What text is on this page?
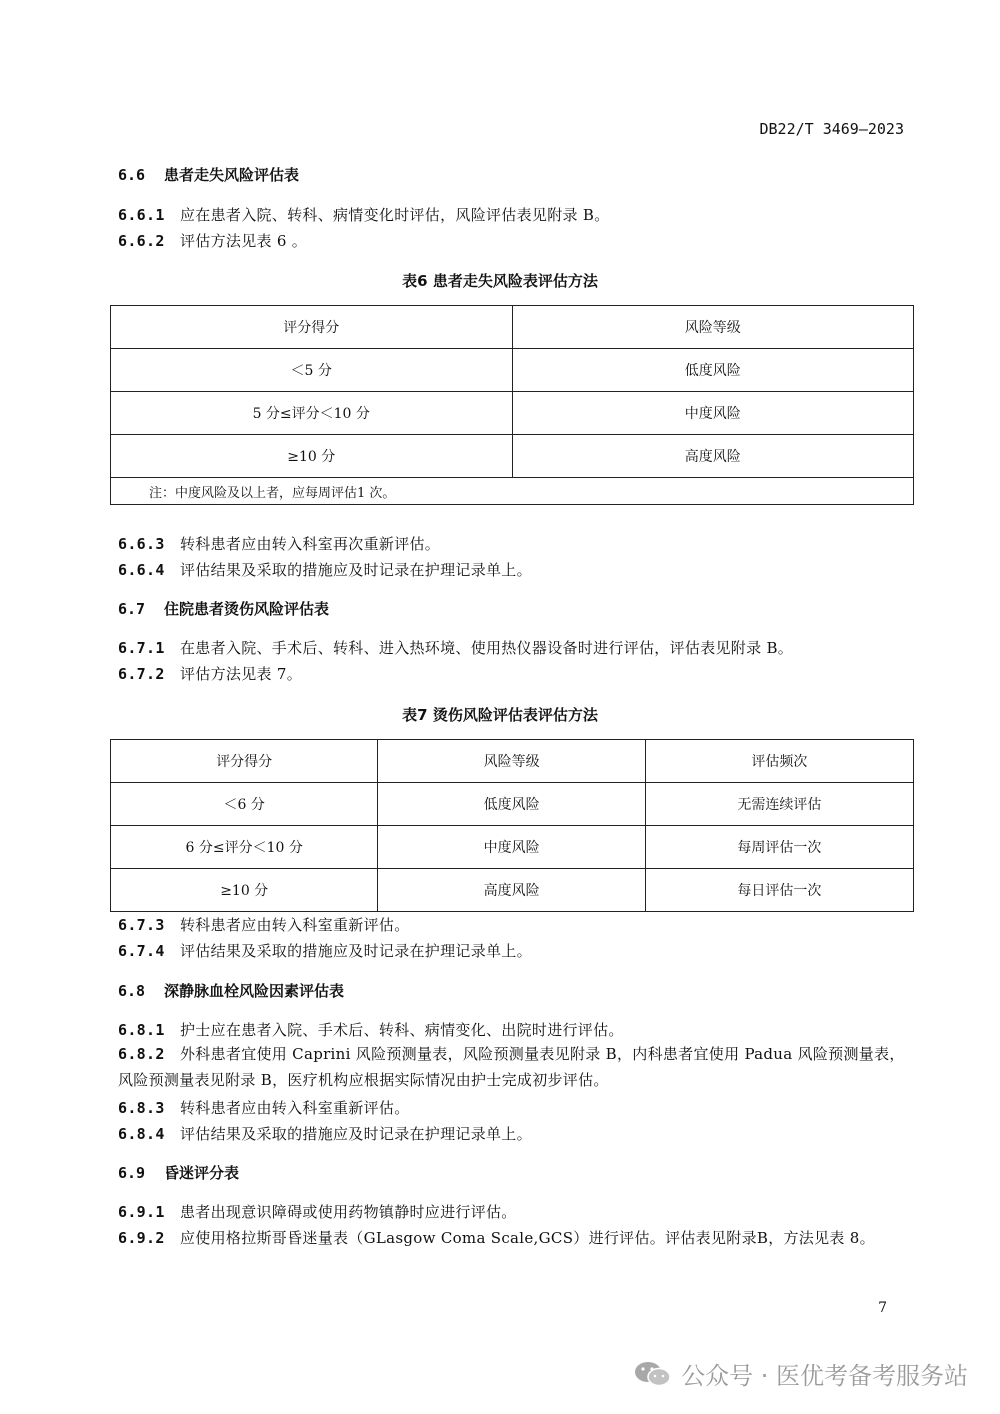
DB22/T 3469—2023
6.6 患者走失风险评估表
6.6.1 应在患者入院、转科、病情变化时评估，风险评估表见附录 B。
6.6.2 评估方法见表 6 。
表6 患者走失风险表评估方法
评分得分	风险等级
＜5 分	低度风险
5 分≤评分＜10 分	中度风险
≥10 分	高度风险
注：中度风险及以上者，应每周评估1 次。	
6.6.3 转科患者应由转入科室再次重新评估。
6.6.4 评估结果及采取的措施应及时记录在护理记录单上。
6.7 住院患者烫伤风险评估表
6.7.1 在患者入院、手术后、转科、进入热环境、使用热仪器设备时进行评估，评估表见附录 B。
6.7.2 评估方法见表 7。
表7 烫伤风险评估表评估方法
评分得分	风险等级	评估频次
＜6 分	低度风险	无需连续评估
6 分≤评分＜10 分	中度风险	每周评估一次
≥10 分	高度风险	每日评估一次
6.7.3 转科患者应由转入科室重新评估。
6.7.4 评估结果及采取的措施应及时记录在护理记录单上。
6.8 深静脉血栓风险因素评估表
6.8.1 护士应在患者入院、手术后、转科、病情变化、出院时进行评估。
6.8.2 外科患者宜使用 Caprini 风险预测量表，风险预测量表见附录 B，内科患者宜使用 Padua 风险预测量表，风险预测量表见附录 B，医疗机构应根据实际情况由护士完成初步评估。
6.8.3 转科患者应由转入科室重新评估。
6.8.4 评估结果及采取的措施应及时记录在护理记录单上。
6.9 昏迷评分表
6.9.1 患者出现意识障碍或使用药物镇静时应进行评估。
6.9.2 应使用格拉斯哥昏迷量表（GLasgow Coma Scale,GCS）进行评估。评估表见附录B，方法见表 8。
7
公众号 · 医优考备考服务站
